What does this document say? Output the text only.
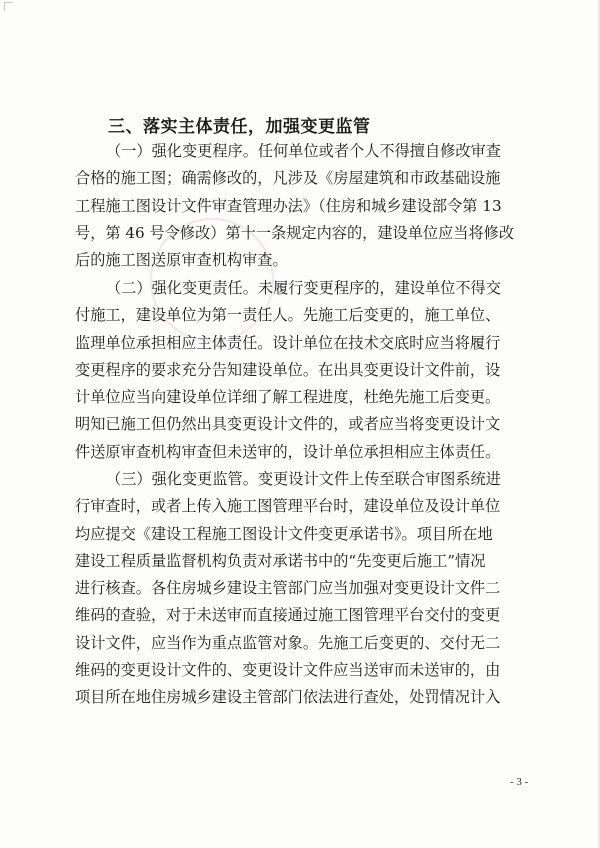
三、落实主体责任，加强变更监管
（一）强化变更程序。任何单位或者个人不得擅自修改审查
合格的施工图；确需修改的，凡涉及《房屋建筑和市政基础设施
工程施工图设计文件审查管理办法》（住房和城乡建设部令第 13
号，第 46 号令修改）第十一条规定内容的，建设单位应当将修改
后的施工图送原审查机构审查。
（二）强化变更责任。未履行变更程序的，建设单位不得交
付施工，建设单位为第一责任人。先施工后变更的，施工单位、
监理单位承担相应主体责任。设计单位在技术交底时应当将履行
变更程序的要求充分告知建设单位。在出具变更设计文件前，设
计单位应当向建设单位详细了解工程进度，杜绝先施工后变更。
明知已施工但仍然出具变更设计文件的，或者应当将变更设计文
件送原审查机构审查但未送审的，设计单位承担相应主体责任。
（三）强化变更监管。变更设计文件上传至联合审图系统进
行审查时，或者上传入施工图管理平台时，建设单位及设计单位
均应提交《建设工程施工图设计文件变更承诺书》。项目所在地
建设工程质量监督机构负责对承诺书中的“先变更后施工”情况
进行核查。各住房城乡建设主管部门应当加强对变更设计文件二
维码的查验，对于未送审而直接通过施工图管理平台交付的变更
设计文件，应当作为重点监管对象。先施工后变更的、交付无二
维码的变更设计文件的、变更设计文件应当送审而未送审的，由
项目所在地住房城乡建设主管部门依法进行查处，处罚情况计入
- 3 -
